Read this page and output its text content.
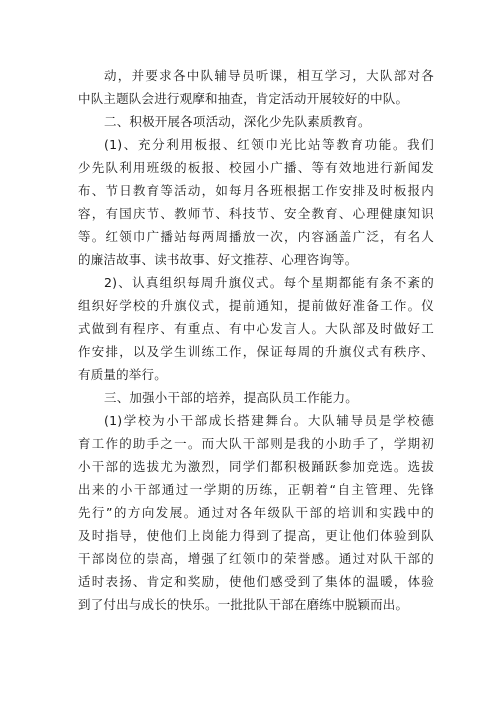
动，并要求各中队辅导员听课，相互学习，大队部对各
中队主题队会进行观摩和抽查，肯定活动开展较好的中队。
二、积极开展各项活动，深化少先队素质教育。
(1)、充分利用板报、红领巾光比站等教育功能。我们
少先队利用班级的板报、校园小广播、等有效地进行新闻发
布、节日教育等活动，如每月各班根据工作安排及时板报内
容，有国庆节、教师节、科技节、安全教育、心理健康知识
等。红领巾广播站每两周播放一次，内容涵盖广泛，有名人
的廉洁故事、读书故事、好文推荐、心理咨询等。
2)、认真组织每周升旗仪式。每个星期都能有条不紊的
组织好学校的升旗仪式，提前通知，提前做好准备工作。仪
式做到有程序、有重点、有中心发言人。大队部及时做好工
作安排，以及学生训练工作，保证每周的升旗仪式有秩序、
有质量的举行。
三、加强小干部的培养，提高队员工作能力。
(1)学校为小干部成长搭建舞台。大队辅导员是学校德
育工作的助手之一。而大队干部则是我的小助手了，学期初
小干部的选拔尤为激烈，同学们都积极踊跃参加竞选。选拔
出来的小干部通过一学期的历练，正朝着“自主管理、先锋
先行”的方向发展。通过对各年级队干部的培训和实践中的
及时指导，使他们上岗能力得到了提高，更让他们体验到队
干部岗位的崇高，增强了红领巾的荣誉感。通过对队干部的
适时表扬、肯定和奖励，使他们感受到了集体的温暖，体验
到了付出与成长的快乐。一批批队干部在磨练中脱颖而出。
